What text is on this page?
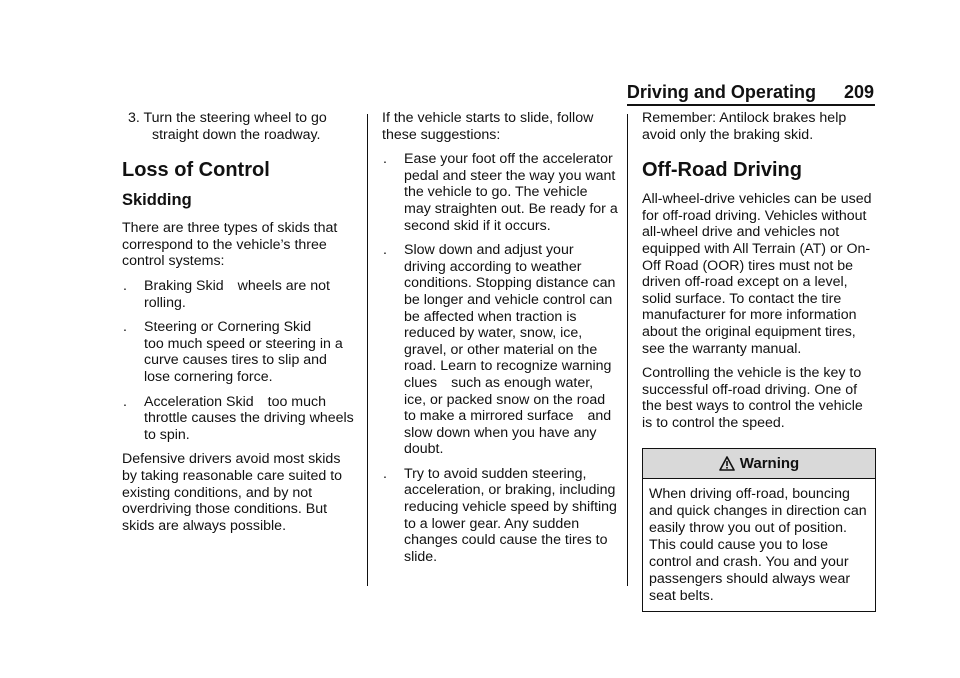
Driving and Operating 209

3. Turn the steering wheel to go straight down the roadway.

Loss of Control
Skidding

There are three types of skids that correspond to the vehicle’s three control systems:

. Braking Skid wheels are not rolling.
. Steering or Cornering Skid
too much speed or steering in a curve causes tires to slip and lose cornering force.
. Acceleration Skid too much throttle causes the driving wheels to spin.

Defensive drivers avoid most skids by taking reasonable care suited to existing conditions, and by not overdriving those conditions. But skids are always possible.

If the vehicle starts to slide, follow these suggestions:

. Ease your foot off the accelerator pedal and steer the way you want the vehicle to go. The vehicle may straighten out. Be ready for a second skid if it occurs.
. Slow down and adjust your driving according to weather conditions. Stopping distance can be longer and vehicle control can be affected when traction is reduced by water, snow, ice, gravel, or other material on the road. Learn to recognize warning clues such as enough water, ice, or packed snow on the road to make a mirrored surface and slow down when you have any doubt.
. Try to avoid sudden steering, acceleration, or braking, including reducing vehicle speed by shifting to a lower gear. Any sudden changes could cause the tires to slide.

Remember: Antilock brakes help avoid only the braking skid.

Off-Road Driving

All-wheel-drive vehicles can be used for off-road driving. Vehicles without all-wheel drive and vehicles not equipped with All Terrain (AT) or On-Off Road (OOR) tires must not be driven off-road except on a level, solid surface. To contact the tire manufacturer for more information about the original equipment tires, see the warranty manual.

Controlling the vehicle is the key to successful off-road driving. One of the best ways to control the vehicle is to control the speed.

Warning
When driving off-road, bouncing and quick changes in direction can easily throw you out of position. This could cause you to lose control and crash. You and your passengers should always wear seat belts.
